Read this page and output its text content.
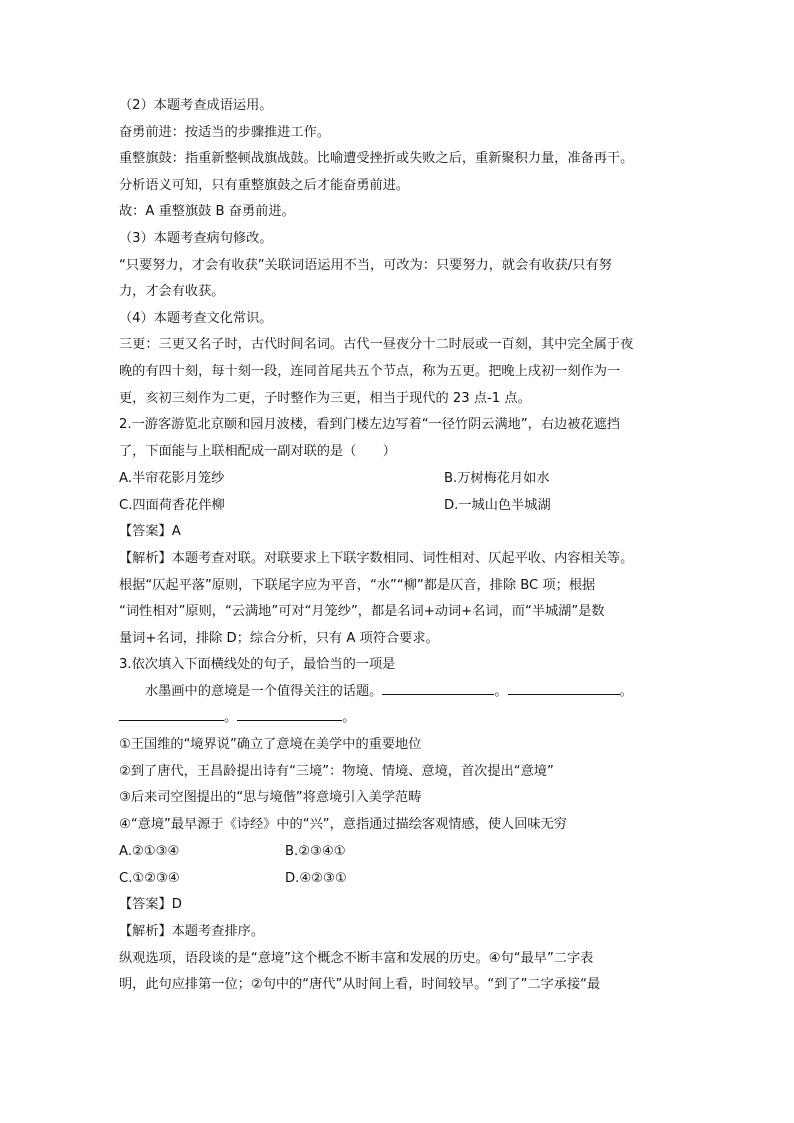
（2）本题考查成语运用。
奋勇前进：按适当的步骤推进工作。
重整旗鼓：指重新整顿战旗战鼓。比喻遭受挫折或失败之后，重新聚积力量，准备再干。
分析语义可知，只有重整旗鼓之后才能奋勇前进。
故：A 重整旗鼓 B 奋勇前进。
（3）本题考查病句修改。
“只要努力，才会有收获”关联词语运用不当，可改为：只要努力，就会有收获/只有努
力，才会有收获。
（4）本题考查文化常识。
三更：三更又名子时，古代时间名词。古代一昼夜分十二时辰或一百刻，其中完全属于夜
晚的有四十刻，每十刻一段，连同首尾共五个节点，称为五更。把晚上戌初一刻作为一
更，亥初三刻作为二更，子时整作为三更，相当于现代的 23 点-1 点。
2.一游客游览北京颐和园月波楼，看到门楼左边写着“一径竹阴云满地”，右边被花遮挡
了，下面能与上联相配成一副对联的是（　　）
A.半帘花影月笼纱	B.万树梅花月如水
C.四面荷香花伴柳	D.一城山色半城湖
【答案】A
【解析】本题考查对联。对联要求上下联字数相同、词性相对、仄起平收、内容相关等。
根据“仄起平落”原则，下联尾字应为平音，“水”“柳”都是仄音，排除 BC 项；根据
“词性相对”原则，“云满地”可对“月笼纱”，都是名词+动词+名词，而“半城湖”是数
量词+名词，排除 D；综合分析，只有 A 项符合要求。
3.依次填入下面横线处的句子，最恰当的一项是
水墨画中的意境是一个值得关注的话题。	。	。
。	。
①王国维的“境界说”确立了意境在美学中的重要地位
②到了唐代，王昌龄提出诗有“三境”：物境、情境、意境，首次提出“意境”
③后来司空图提出的“思与境偕”将意境引入美学范畴
④“意境”最早源于《诗经》中的“兴”，意指通过描绘客观情感，使人回味无穷
A.②①③④	B.②③④①
C.①②③④	D.④②③①
【答案】D
【解析】本题考查排序。
纵观选项，语段谈的是“意境”这个概念不断丰富和发展的历史。④句“最早”二字表
明，此句应排第一位；②句中的“唐代”从时间上看，时间较早。“到了”二字承接“最
